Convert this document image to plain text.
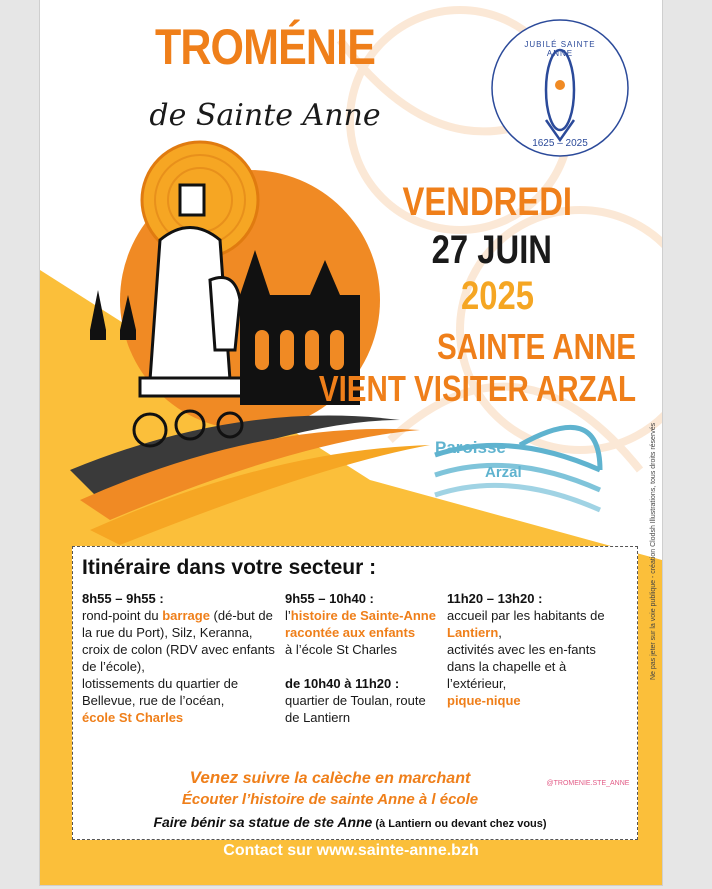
TROMÉNIE
de Sainte Anne
JUBILÉ SAINTE ANNE
1625 – 2025
VENDREDI
27 JUIN
2025
SAINTE ANNE
VIENT VISITER ARZAL
Paroisse
Arzal	Ne pas jeter sur la voie publique - création Clodsh Illustrations, tous droits réservés
Itinéraire dans votre secteur :
8h55 – 9h55 :
rond-point du barrage (dé-but de la rue du Port), Silz, Keranna,
croix de colon (RDV avec enfants de l’école),
lotissements du quartier de Bellevue, rue de l’océan,
école St Charles
9h55 – 10h40 :
l’histoire de Sainte-Anne racontée aux enfants
à l’école St Charles

de 10h40 à 11h20 :
quartier de Toulan, route de Lantiern
11h20 – 13h20 :
accueil par les habitants de Lantiern,
activités avec les en-fants dans la chapelle et à l’extérieur,
pique-nique
@TROMENIE.STE_ANNE
Venez suivre la calèche en marchant
Écouter l’histoire de sainte Anne à l école
Faire bénir sa statue de ste Anne (à Lantiern ou devant chez vous)
Contact sur www.sainte-anne.bzh
